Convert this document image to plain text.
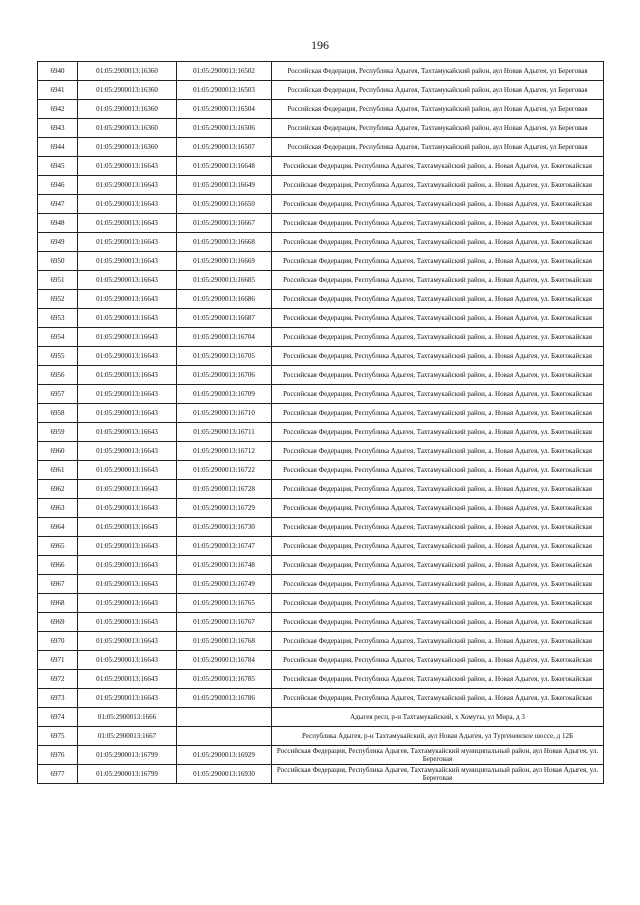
196
6940	01:05:2900013:16360	01:05:2900013:16502	Российская Федерация, Республика Адыгея, Тахтамукайский район, аул Новая Адыгея, ул Береговая
6941	01:05:2900013:16360	01:05:2900013:16503	Российская Федерация, Республика Адыгея, Тахтамукайский район, аул Новая Адыгея, ул Береговая
6942	01:05:2900013:16360	01:05:2900013:16504	Российская Федерация, Республика Адыгея, Тахтамукайский район, аул Новая Адыгея, ул Береговая
6943	01:05:2900013:16360	01:05:2900013:16506	Российская Федерация, Республика Адыгея, Тахтамукайский район, аул Новая Адыгея, ул Береговая
6944	01:05:2900013:16360	01:05:2900013:16507	Российская Федерация, Республика Адыгея, Тахтамукайский район, аул Новая Адыгея, ул Береговая
6945	01:05:2900013:16643	01:05:2900013:16648	Российская Федерация, Республика Адыгея, Тахтамукайский район, а. Новая Адыгея, ул. Бжегокайская
6946	01:05:2900013:16643	01:05:2900013:16649	Российская Федерация, Республика Адыгея, Тахтамукайский район, а. Новая Адыгея, ул. Бжегокайская
6947	01:05:2900013:16643	01:05:2900013:16650	Российская Федерация, Республика Адыгея, Тахтамукайский район, а. Новая Адыгея, ул. Бжегокайская
6948	01:05:2900013:16643	01:05:2900013:16667	Российская Федерация, Республика Адыгея, Тахтамукайский район, а. Новая Адыгея, ул. Бжегокайская
6949	01:05:2900013:16643	01:05:2900013:16668	Российская Федерация, Республика Адыгея, Тахтамукайский район, а. Новая Адыгея, ул. Бжегокайская
6950	01:05:2900013:16643	01:05:2900013:16669	Российская Федерация, Республика Адыгея, Тахтамукайский район, а. Новая Адыгея, ул. Бжегокайская
6951	01:05:2900013:16643	01:05:2900013:16685	Российская Федерация, Республика Адыгея, Тахтамукайский район, а. Новая Адыгея, ул. Бжегокайская
6952	01:05:2900013:16643	01:05:2900013:16686	Российская Федерация, Республика Адыгея, Тахтамукайский район, а. Новая Адыгея, ул. Бжегокайская
6953	01:05:2900013:16643	01:05:2900013:16687	Российская Федерация, Республика Адыгея, Тахтамукайский район, а. Новая Адыгея, ул. Бжегокайская
6954	01:05:2900013:16643	01:05:2900013:16704	Российская Федерация, Республика Адыгея, Тахтамукайский район, а. Новая Адыгея, ул. Бжегокайская
6955	01:05:2900013:16643	01:05:2900013:16705	Российская Федерация, Республика Адыгея, Тахтамукайский район, а. Новая Адыгея, ул. Бжегокайская
6956	01:05:2900013:16643	01:05:2900013:16706	Российская Федерация, Республика Адыгея, Тахтамукайский район, а. Новая Адыгея, ул. Бжегокайская
6957	01:05:2900013:16643	01:05:2900013:16709	Российская Федерация, Республика Адыгея, Тахтамукайский район, а. Новая Адыгея, ул. Бжегокайская
6958	01:05:2900013:16643	01:05:2900013:16710	Российская Федерация, Республика Адыгея, Тахтамукайский район, а. Новая Адыгея, ул. Бжегокайская
6959	01:05:2900013:16643	01:05:2900013:16711	Российская Федерация, Республика Адыгея, Тахтамукайский район, а. Новая Адыгея, ул. Бжегокайская
6960	01:05:2900013:16643	01:05:2900013:16712	Российская Федерация, Республика Адыгея, Тахтамукайский район, а. Новая Адыгея, ул. Бжегокайская
6961	01:05:2900013:16643	01:05:2900013:16722	Российская Федерация, Республика Адыгея, Тахтамукайский район, а. Новая Адыгея, ул. Бжегокайская
6962	01:05:2900013:16643	01:05:2900013:16728	Российская Федерация, Республика Адыгея, Тахтамукайский район, а. Новая Адыгея, ул. Бжегокайская
6963	01:05:2900013:16643	01:05:2900013:16729	Российская Федерация, Республика Адыгея, Тахтамукайский район, а. Новая Адыгея, ул. Бжегокайская
6964	01:05:2900013:16643	01:05:2900013:16730	Российская Федерация, Республика Адыгея, Тахтамукайский район, а. Новая Адыгея, ул. Бжегокайская
6965	01:05:2900013:16643	01:05:2900013:16747	Российская Федерация, Республика Адыгея, Тахтамукайский район, а. Новая Адыгея, ул. Бжегокайская
6966	01:05:2900013:16643	01:05:2900013:16748	Российская Федерация, Республика Адыгея, Тахтамукайский район, а. Новая Адыгея, ул. Бжегокайская
6967	01:05:2900013:16643	01:05:2900013:16749	Российская Федерация, Республика Адыгея, Тахтамукайский район, а. Новая Адыгея, ул. Бжегокайская
6968	01:05:2900013:16643	01:05:2900013:16765	Российская Федерация, Республика Адыгея, Тахтамукайский район, а. Новая Адыгея, ул. Бжегокайская
6969	01:05:2900013:16643	01:05:2900013:16767	Российская Федерация, Республика Адыгея, Тахтамукайский район, а. Новая Адыгея, ул. Бжегокайская
6970	01:05:2900013:16643	01:05:2900013:16768	Российская Федерация, Республика Адыгея, Тахтамукайский район, а. Новая Адыгея, ул. Бжегокайская
6971	01:05:2900013:16643	01:05:2900013:16784	Российская Федерация, Республика Адыгея, Тахтамукайский район, а. Новая Адыгея, ул. Бжегокайская
6972	01:05:2900013:16643	01:05:2900013:16785	Российская Федерация, Республика Адыгея, Тахтамукайский район, а. Новая Адыгея, ул. Бжегокайская
6973	01:05:2900013:16643	01:05:2900013:16786	Российская Федерация, Республика Адыгея, Тахтамукайский район, а. Новая Адыгея, ул. Бжегокайская
6974	01:05:2900013:1666		Адыгея респ, р-н Тахтамукайский, х Хомуты, ул Мира, д 3
6975	01:05:2900013:1667		Республика Адыгея, р-н Тахтамукайский, аул Новая Адыгея, ул Тургеневское шоссе, д 12Б
6976	01:05:2900013:16799	01:05:2900013:16929	Российская Федерация, Республика Адыгея, Тахтамукайский муниципальный район, аул Новая Адыгея, ул. Береговая
6977	01:05:2900013:16799	01:05:2900013:16930	Российская Федерация, Республика Адыгея, Тахтамукайский муниципальный район, аул Новая Адыгея, ул. Береговая
